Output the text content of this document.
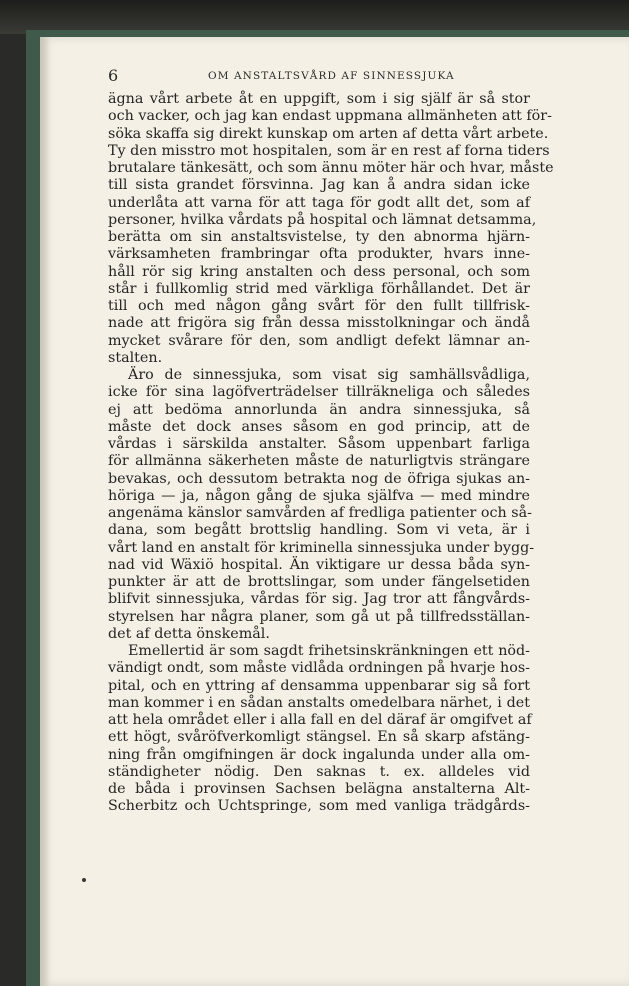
6	OM ANSTALTSVÅRD AF SINNESSJUKA
ägna vårt arbete åt en uppgift, som i sig själf är så stor
och vacker, och jag kan endast uppmana allmänheten att för-
söka skaffa sig direkt kunskap om arten af detta vårt arbete.
Ty den misstro mot hospitalen, som är en rest af forna tiders
brutalare tänkesätt, och som ännu möter här och hvar, måste
till sista grandet försvinna. Jag kan å andra sidan icke
underlåta att varna för att taga för godt allt det, som af
personer, hvilka vårdats på hospital och lämnat detsamma,
berätta om sin anstaltsvistelse, ty den abnorma hjärn-
värksamheten frambringar ofta produkter, hvars inne-
håll rör sig kring anstalten och dess personal, och som
står i fullkomlig strid med värkliga förhållandet. Det är
till och med någon gång svårt för den fullt tillfrisk-
nade att frigöra sig från dessa misstolkningar och ändå
mycket svårare för den, som andligt defekt lämnar an-
stalten.
Äro de sinnessjuka, som visat sig samhällsvådliga,
icke för sina lagöfverträdelser tillräkneliga och således
ej att bedöma annorlunda än andra sinnessjuka, så
måste det dock anses såsom en god princip, att de
vårdas i särskilda anstalter. Såsom uppenbart farliga
för allmänna säkerheten måste de naturligtvis strängare
bevakas, och dessutom betrakta nog de öfriga sjukas an-
höriga — ja, någon gång de sjuka själfva — med mindre
angenäma känslor samvården af fredliga patienter och så-
dana, som begått brottslig handling. Som vi veta, är i
vårt land en anstalt för kriminella sinnessjuka under bygg-
nad vid Wäxiö hospital. Än viktigare ur dessa båda syn-
punkter är att de brottslingar, som under fängelsetiden
blifvit sinnessjuka, vårdas för sig. Jag tror att fångvårds-
styrelsen har några planer, som gå ut på tillfredsställan-
det af detta önskemål.
Emellertid är som sagdt frihetsinskränkningen ett nöd-
vändigt ondt, som måste vidlåda ordningen på hvarje hos-
pital, och en yttring af densamma uppenbarar sig så fort
man kommer i en sådan anstalts omedelbara närhet, i det
att hela området eller i alla fall en del däraf är omgifvet af
ett högt, svåröfverkomligt stängsel. En så skarp afstäng-
ning från omgifningen är dock ingalunda under alla om-
ständigheter nödig. Den saknas t. ex. alldeles vid
de båda i provinsen Sachsen belägna anstalterna Alt-
Scherbitz och Uchtspringe, som med vanliga trädgårds-
